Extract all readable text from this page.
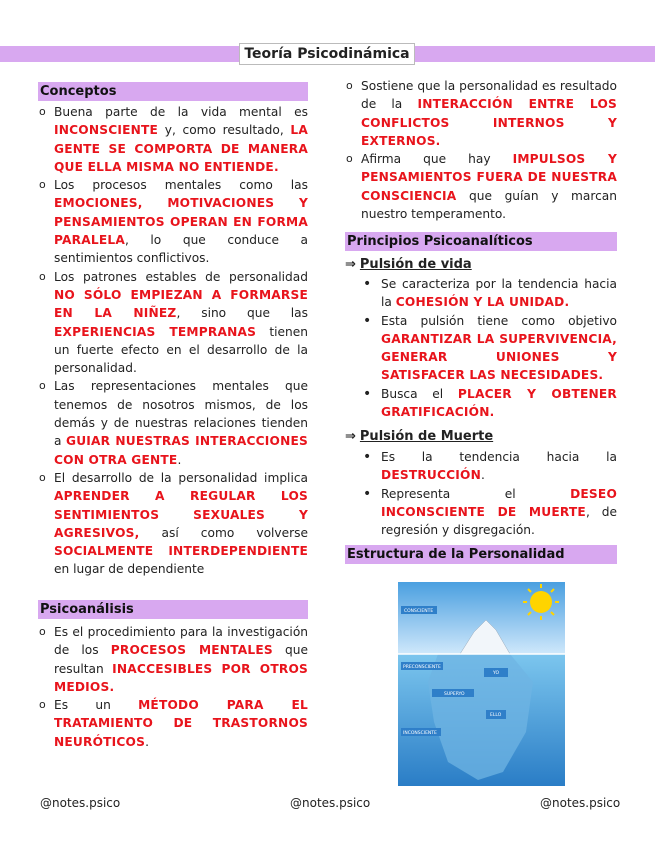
Teoría Psicodinámica
Conceptos
o Buena parte de la vida mental es INCONSCIENTE y, como resultado, LA GENTE SE COMPORTA DE MANERA QUE ELLA MISMA NO ENTIENDE.
o Los procesos mentales como las EMOCIONES, MOTIVACIONES Y PENSAMIENTOS OPERAN EN FORMA PARALELA, lo que conduce a sentimientos conflictivos.
o Los patrones estables de personalidad NO SÓLO EMPIEZAN A FORMARSE EN LA NIÑEZ, sino que las EXPERIENCIAS TEMPRANAS tienen un fuerte efecto en el desarrollo de la personalidad.
o Las representaciones mentales que tenemos de nosotros mismos, de los demás y de nuestras relaciones tienden a GUIAR NUESTRAS INTERACCIONES CON OTRA GENTE.
o El desarrollo de la personalidad implica APRENDER A REGULAR LOS SENTIMIENTOS SEXUALES Y AGRESIVOS, así como volverse SOCIALMENTE INTERDEPENDIENTE en lugar de dependiente
Psicoanálisis
o Es el procedimiento para la investigación de los PROCESOS MENTALES que resultan INACCESIBLES POR OTROS MEDIOS.
o Es un MÉTODO PARA EL TRATAMIENTO DE TRASTORNOS NEURÓTICOS.
o Sostiene que la personalidad es resultado de la INTERACCIÓN ENTRE LOS CONFLICTOS INTERNOS Y EXTERNOS.
o Afirma que hay IMPULSOS Y PENSAMIENTOS FUERA DE NUESTRA CONSCIENCIA que guían y marcan nuestro temperamento.
Principios Psicoanalíticos
⇒ Pulsión de vida
• Se caracteriza por la tendencia hacia la COHESIÓN Y LA UNIDAD.
• Esta pulsión tiene como objetivo GARANTIZAR LA SUPERVIVENCIA, GENERAR UNIONES Y SATISFACER LAS NECESIDADES.
• Busca el PLACER Y OBTENER GRATIFICACIÓN.
⇒ Pulsión de Muerte
• Es la tendencia hacia la DESTRUCCIÓN.
• Representa el DESEO INCONSCIENTE DE MUERTE, de regresión y disgregación.
Estructura de la Personalidad
CONSCIENTE
PRECONSCIENTE
YO
SUPERYO
ELLO
INCONSCIENTE
@notes.psico	@notes.psico	@notes.psico
